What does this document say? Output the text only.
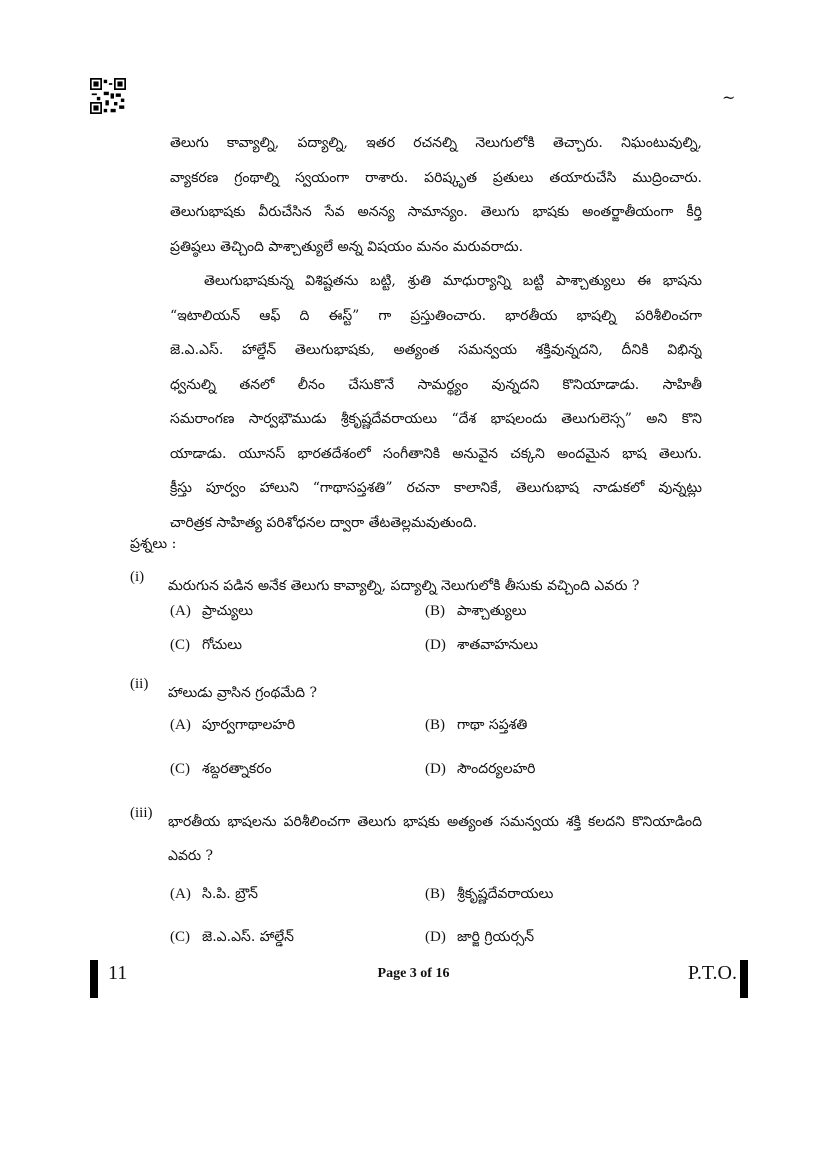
~
తెలుగు కావ్యాల్ని, పద్యాల్ని, ఇతర రచనల్ని నెలుగులోకి తెచ్చారు. నిఘంటువుల్ని,
వ్యాకరణ గ్రంథాల్ని స్వయంగా రాశారు. పరిష్కృత ప్రతులు తయారుచేసి ముద్రించారు.
తెలుగుభాషకు వీరుచేసిన సేవ అనన్య సామాన్యం. తెలుగు భాషకు అంతర్జాతీయంగా కీర్తి
ప్రతిష్ఠలు తెచ్చింది పాశ్చాత్యులే అన్న విషయం మనం మరువరాదు.
తెలుగుభాషకున్న విశిష్టతను బట్టి, శ్రుతి మాధుర్యాన్ని బట్టి పాశ్చాత్యులు ఈ భాషను
“ఇటాలియన్ ఆఫ్ ది ఈస్ట్” గా ప్రస్తుతించారు. భారతీయ భాషల్ని పరిశీలించగా
జె.ఎ.ఎస్. హాల్డేన్ తెలుగుభాషకు, అత్యంత సమన్వయ శక్తివున్నదని, దీనికి విభిన్న
ధ్వనుల్ని తనలో లీనం చేసుకొనే సామర్థ్యం వున్నదని కొనియాడాడు. సాహితీ
సమరాంగణ సార్వభౌముడు శ్రీకృష్ణదేవరాయలు “దేశ భాషలందు తెలుగులెస్స” అని కొని
యాడాడు. యూనస్ భారతదేశంలో సంగీతానికి అనువైన చక్కని అందమైన భాష తెలుగు.
క్రీస్తు పూర్వం హాలుని “గాథాసప్తశతి” రచనా కాలానికే, తెలుగుభాష నాడుకలో వున్నట్లు
చారిత్రక సాహిత్య పరిశోధనల ద్వారా తేటతెల్లమవుతుంది.
ప్రశ్నలు :
(i)
మరుగున పడిన అనేక తెలుగు కావ్యాల్ని, పద్యాల్ని నెలుగులోకి తీసుకు వచ్చింది ఎవరు ?
(A) ప్రాచ్యులు	(B) పాశ్చాత్యులు
(C) గోచులు	(D) శాతవాహనులు
(ii)
హాలుడు వ్రాసిన గ్రంథమేది ?
(A) పూర్వగాథాలహరి	(B) గాథా సప్తశతి
(C) శబ్దరత్నాకరం	(D) సౌందర్యలహరి
(iii)
భారతీయ భాషలను పరిశీలించగా తెలుగు భాషకు అత్యంత సమన్వయ శక్తి కలదని కొనియాడింది ఎవరు ?
(A) సి.పి. బ్రౌన్	(B) శ్రీకృష్ణదేవరాయలు
(C) జె.ఎ.ఎస్. హాల్డేన్	(D) జార్జి గ్రియర్సన్
11	Page 3 of 16	P.T.O.
